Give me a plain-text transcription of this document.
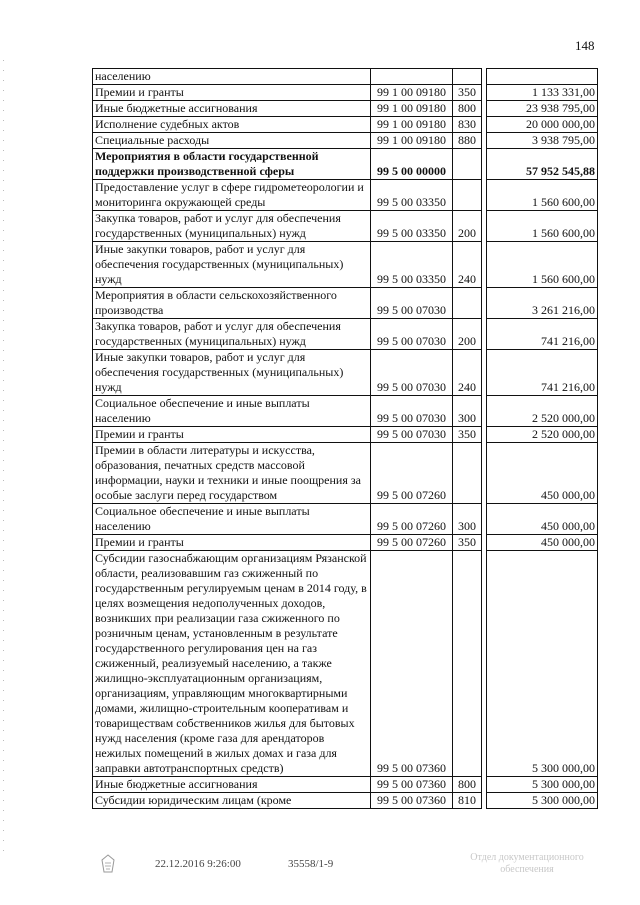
148
населению				
Премии и гранты	99 1 00 09180	350		1 133 331,00
Иные бюджетные ассигнования	99 1 00 09180	800		23 938 795,00
Исполнение судебных актов	99 1 00 09180	830		20 000 000,00
Специальные расходы	99 1 00 09180	880		3 938 795,00
Мероприятия в области государственной поддержки производственной сферы	99 5 00 00000			57 952 545,88
Предоставление услуг в сфере гидрометеорологии и мониторинга окружающей среды	99 5 00 03350			1 560 600,00
Закупка товаров, работ и услуг для обеспечения государственных (муниципальных) нужд	99 5 00 03350	200		1 560 600,00
Иные закупки товаров, работ и услуг для обеспечения государственных (муниципальных) нужд	99 5 00 03350	240		1 560 600,00
Мероприятия в области сельскохозяйственного производства	99 5 00 07030			3 261 216,00
Закупка товаров, работ и услуг для обеспечения государственных (муниципальных) нужд	99 5 00 07030	200		741 216,00
Иные закупки товаров, работ и услуг для обеспечения государственных (муниципальных) нужд	99 5 00 07030	240		741 216,00
Социальное обеспечение и иные выплаты населению	99 5 00 07030	300		2 520 000,00
Премии и гранты	99 5 00 07030	350		2 520 000,00
Премии в области литературы и искусства, образования, печатных средств массовой информации, науки и техники и иные поощрения за особые заслуги перед государством	99 5 00 07260			450 000,00
Социальное обеспечение и иные выплаты населению	99 5 00 07260	300		450 000,00
Премии и гранты	99 5 00 07260	350		450 000,00
Субсидии газоснабжающим организациям Рязанской области, реализовавшим газ сжиженный по государственным регулируемым ценам в 2014 году, в целях возмещения недополученных доходов, возникших при реализации газа сжиженного по розничным ценам, установленным в результате государственного регулирования цен на газ сжиженный, реализуемый населению, а также жилищно-эксплуатационным организациям, организациям, управляющим многоквартирными домами, жилищно-строительным кооперативам и товариществам собственников жилья для бытовых нужд населения (кроме газа для арендаторов нежилых помещений в жилых домах и газа для заправки автотранспортных средств)	99 5 00 07360			5 300 000,00
Иные бюджетные ассигнования	99 5 00 07360	800		5 300 000,00
Субсидии юридическим лицам (кроме	99 5 00 07360	810		5 300 000,00
22.12.2016 9:26:00	35558/1-9
Отдел документационного обеспечения
